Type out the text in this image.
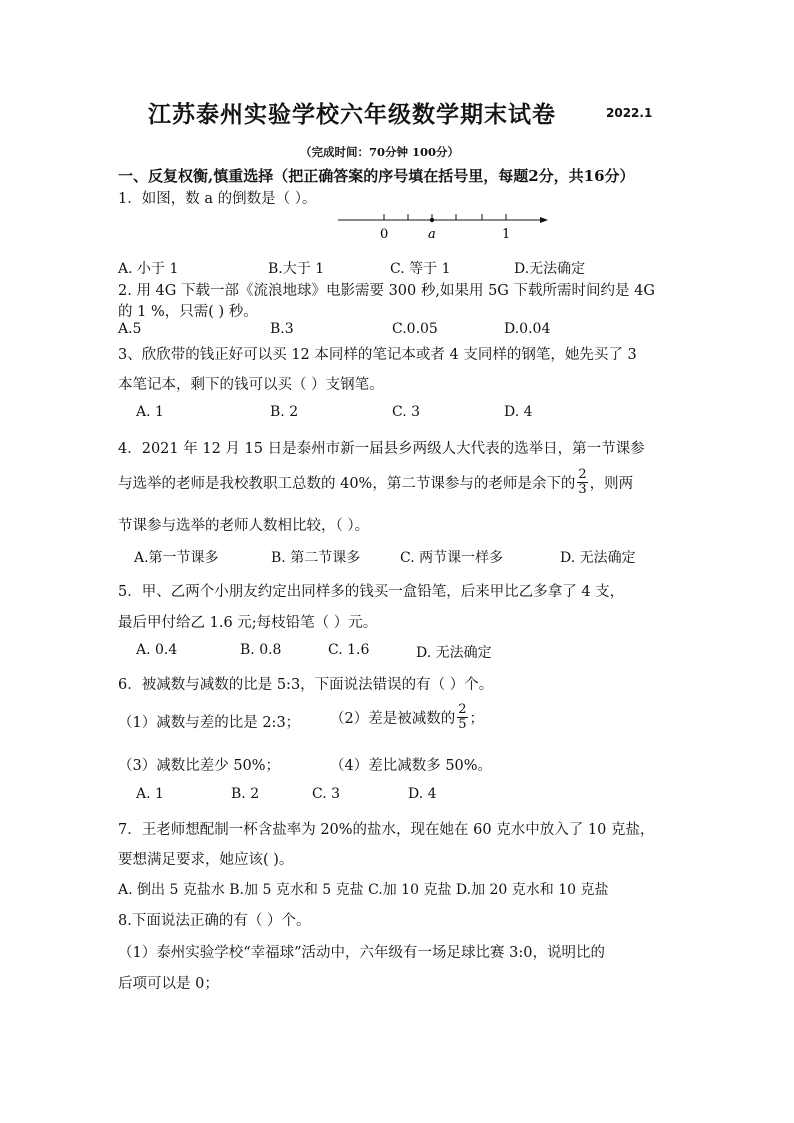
江苏泰州实验学校六年级数学期末试卷	2022.1
（完成时间：70分钟 100分）
一、反复权衡,慎重选择（把正确答案的序号填在括号里，每题2分，共16分）
1．如图，数 a 的倒数是（ ）。
0	a	1
A. 小于 1	B.大于 1	C. 等于 1	D.无法确定
2. 用 4G 下载一部《流浪地球》电影需要 300 秒,如果用 5G 下载所需时间约是 4G
的 1 %，只需( ) 秒。
A.5	B.3	C.0.05	D.0.04
3、欣欣带的钱正好可以买 12 本同样的笔记本或者 4 支同样的钢笔，她先买了 3
本笔记本，剩下的钱可以买（ ）支钢笔。
A. 1	B. 2	C. 3	D. 4
4．2021 年 12 月 15 日是泰州市新一届县乡两级人大代表的选举日，第一节课参
与选举的老师是我校教职工总数的 40%，第二节课参与的老师是余下的 $\frac{2}{3}$ ，则两
节课参与选举的老师人数相比较，（ ）。
A.第一节课多	B. 第二节课多	C. 两节课一样多	D. 无法确定
5．甲、乙两个小朋友约定出同样多的钱买一盒铅笔，后来甲比乙多拿了 4 支，
最后甲付给乙 1.6 元;每枝铅笔（ ）元。
A. 0.4	B. 0.8	C. 1.6	D. 无法确定
6．被减数与减数的比是 5:3，下面说法错误的有（ ）个。
（1）减数与差的比是 2:3； （2）差是被减数的 $\frac{2}{5}$ ；
（3）减数比差少 50%；	（4）差比减数多 50%。
A. 1	B. 2	C. 3	D. 4
7．王老师想配制一杯含盐率为 20%的盐水，现在她在 60 克水中放入了 10 克盐，
要想满足要求，她应该( )。
A. 倒出 5 克盐水 B.加 5 克水和 5 克盐 C.加 10 克盐 D.加 20 克水和 10 克盐
8.下面说法正确的有（ ）个。
（1）泰州实验学校“幸福球”活动中，六年级有一场足球比赛 3:0，说明比的
后项可以是 0；
